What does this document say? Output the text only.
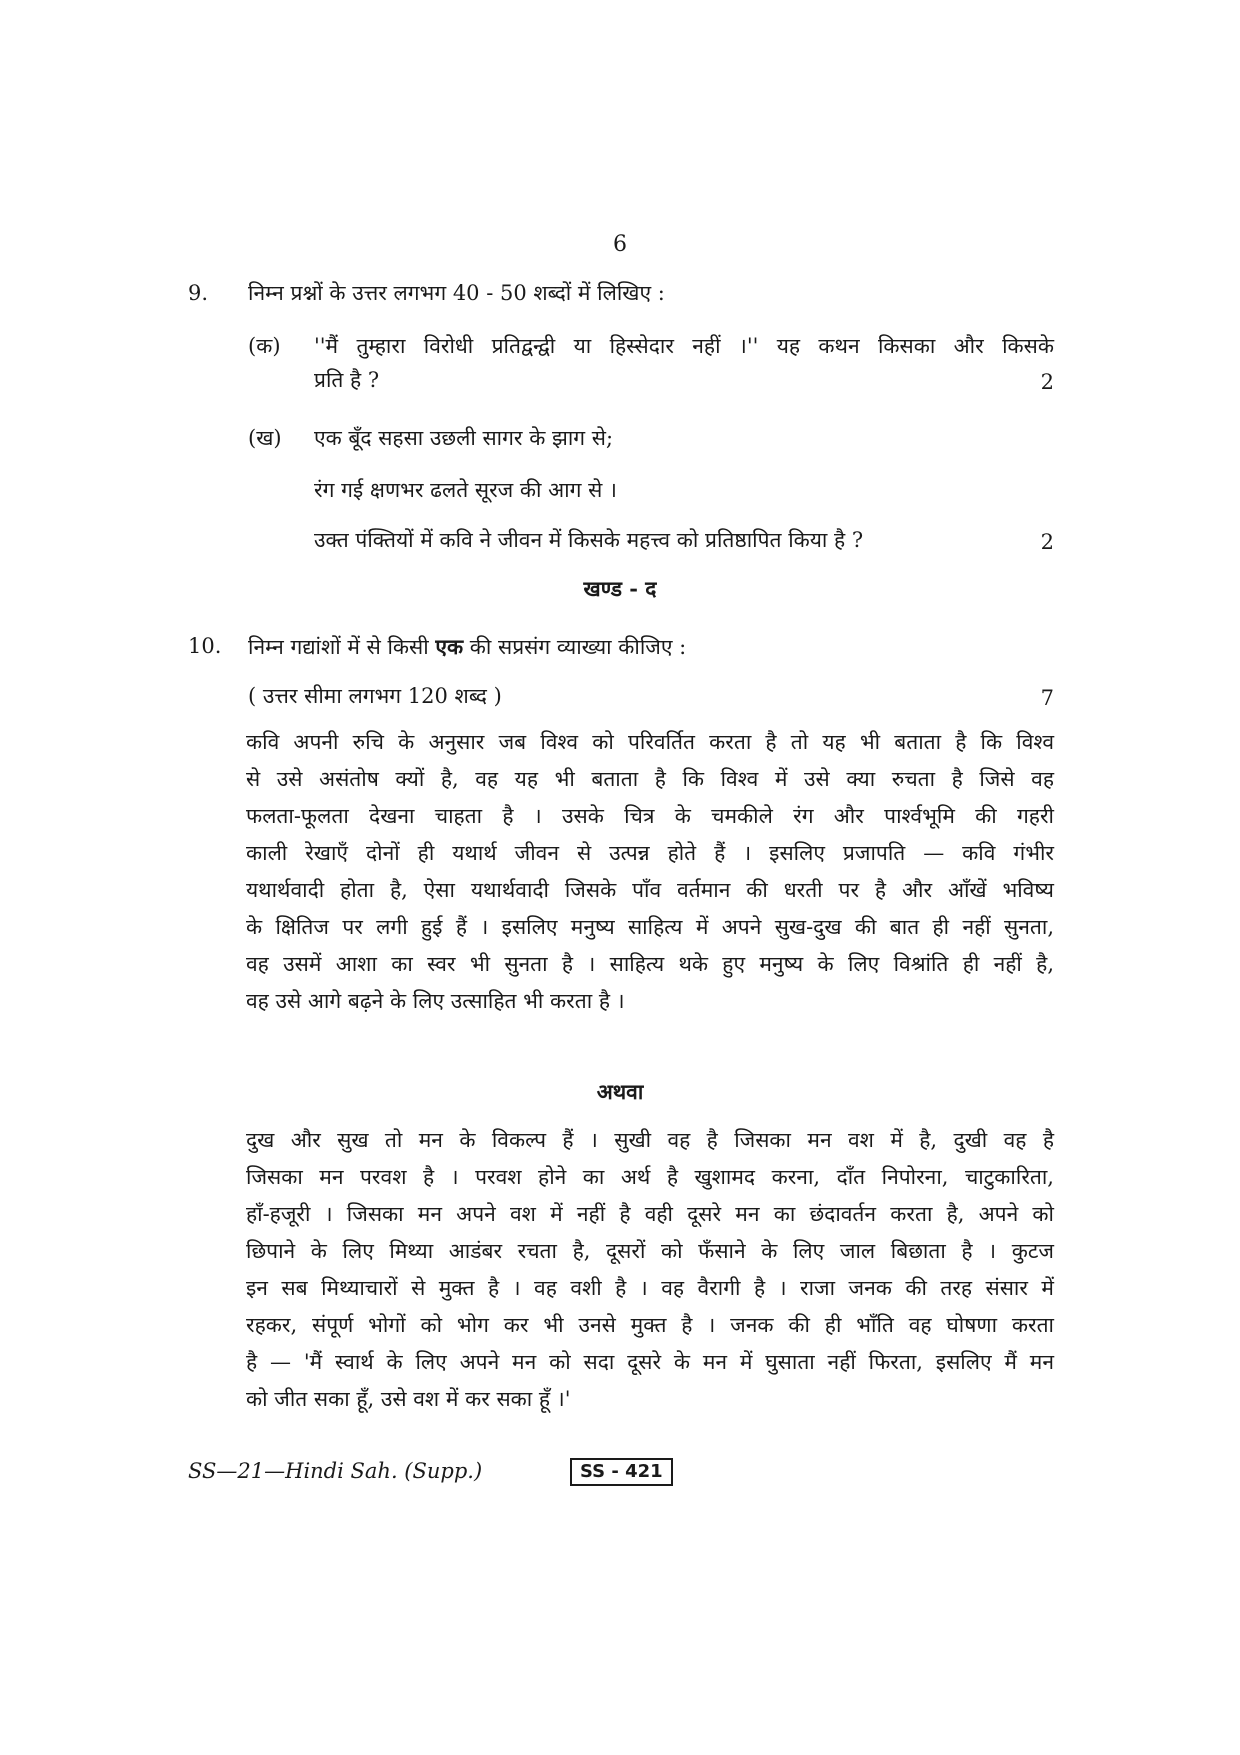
6
9. निम्न प्रश्नों के उत्तर लगभग 40 - 50 शब्दों में लिखिए :
(क) ''मैं तुम्हारा विरोधी प्रतिद्वन्द्वी या हिस्सेदार नहीं ।'' यह कथन किसका और किसके
प्रति है ?	2
(ख) एक बूँद सहसा उछली सागर के झाग से;
रंग गई क्षणभर ढलते सूरज की आग से ।
उक्त पंक्तियों में कवि ने जीवन में किसके महत्त्व को प्रतिष्ठापित किया है ?	2
खण्ड - द
10. निम्न गद्यांशों में से किसी एक की सप्रसंग व्याख्या कीजिए :
( उत्तर सीमा लगभग 120 शब्द )	7
कवि अपनी रुचि के अनुसार जब विश्व को परिवर्तित करता है तो यह भी बताता है कि विश्व
से उसे असंतोष क्यों है, वह यह भी बताता है कि विश्व में उसे क्या रुचता है जिसे वह
फलता-फूलता देखना चाहता है । उसके चित्र के चमकीले रंग और पार्श्वभूमि की गहरी
काली रेखाएँ दोनों ही यथार्थ जीवन से उत्पन्न होते हैं । इसलिए प्रजापति — कवि गंभीर
यथार्थवादी होता है, ऐसा यथार्थवादी जिसके पाँव वर्तमान की धरती पर है और आँखें भविष्य
के क्षितिज पर लगी हुई हैं । इसलिए मनुष्य साहित्य में अपने सुख-दुख की बात ही नहीं सुनता,
वह उसमें आशा का स्वर भी सुनता है । साहित्य थके हुए मनुष्य के लिए विश्रांति ही नहीं है,
वह उसे आगे बढ़ने के लिए उत्साहित भी करता है ।
अथवा
दुख और सुख तो मन के विकल्प हैं । सुखी वह है जिसका मन वश में है, दुखी वह है
जिसका मन परवश है । परवश होने का अर्थ है खुशामद करना, दाँत निपोरना, चाटुकारिता,
हाँ-हजूरी । जिसका मन अपने वश में नहीं है वही दूसरे मन का छंदावर्तन करता है, अपने को
छिपाने के लिए मिथ्या आडंबर रचता है, दूसरों को फँसाने के लिए जाल बिछाता है । कुटज
इन सब मिथ्याचारों से मुक्त है । वह वशी है । वह वैरागी है । राजा जनक की तरह संसार में
रहकर, संपूर्ण भोगों को भोग कर भी उनसे मुक्त है । जनक की ही भाँति वह घोषणा करता
है — 'मैं स्वार्थ के लिए अपने मन को सदा दूसरे के मन में घुसाता नहीं फिरता, इसलिए मैं मन
को जीत सका हूँ, उसे वश में कर सका हूँ ।'
SS—21—Hindi Sah. (Supp.)	SS - 421
